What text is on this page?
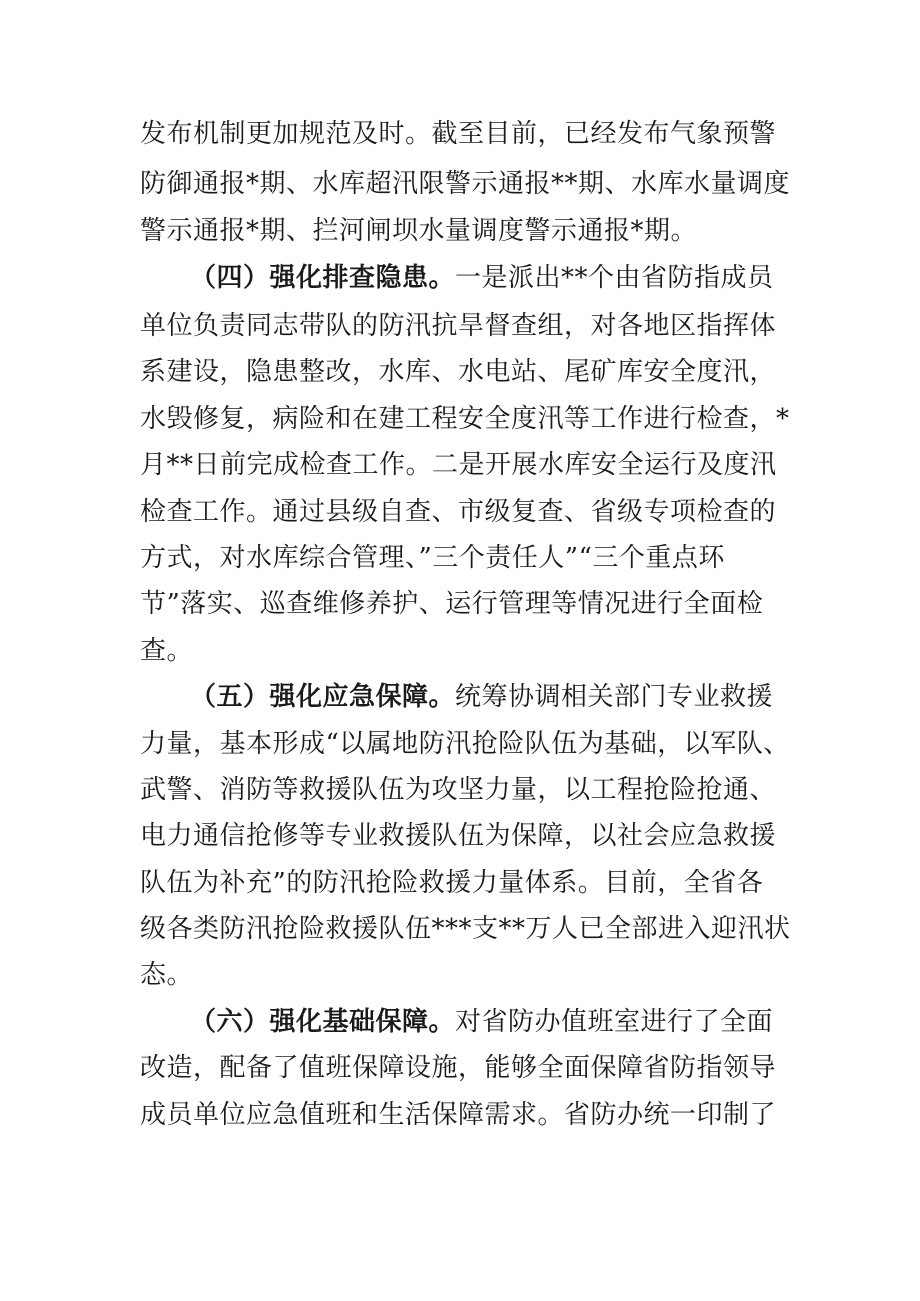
发布机制更加规范及时。截至目前，已经发布气象预警
防御通报*期、水库超汛限警示通报**期、水库水量调度
警示通报*期、拦河闸坝水量调度警示通报*期。
（四）强化排查隐患。一是派出**个由省防指成员
单位负责同志带队的防汛抗旱督查组，对各地区指挥体
系建设，隐患整改，水库、水电站、尾矿库安全度汛，
水毁修复，病险和在建工程安全度汛等工作进行检查，*
月**日前完成检查工作。二是开展水库安全运行及度汛
检查工作。通过县级自查、市级复查、省级专项检查的
方式，对水库综合管理、”三个责任人”“三个重点环
节”落实、巡查维修养护、运行管理等情况进行全面检
查。
（五）强化应急保障。统筹协调相关部门专业救援
力量，基本形成“以属地防汛抢险队伍为基础，以军队、
武警、消防等救援队伍为攻坚力量，以工程抢险抢通、
电力通信抢修等专业救援队伍为保障，以社会应急救援
队伍为补充”的防汛抢险救援力量体系。目前，全省各
级各类防汛抢险救援队伍***支**万人已全部进入迎汛状
态。
（六）强化基础保障。对省防办值班室进行了全面
改造，配备了值班保障设施，能够全面保障省防指领导
成员单位应急值班和生活保障需求。省防办统一印制了
